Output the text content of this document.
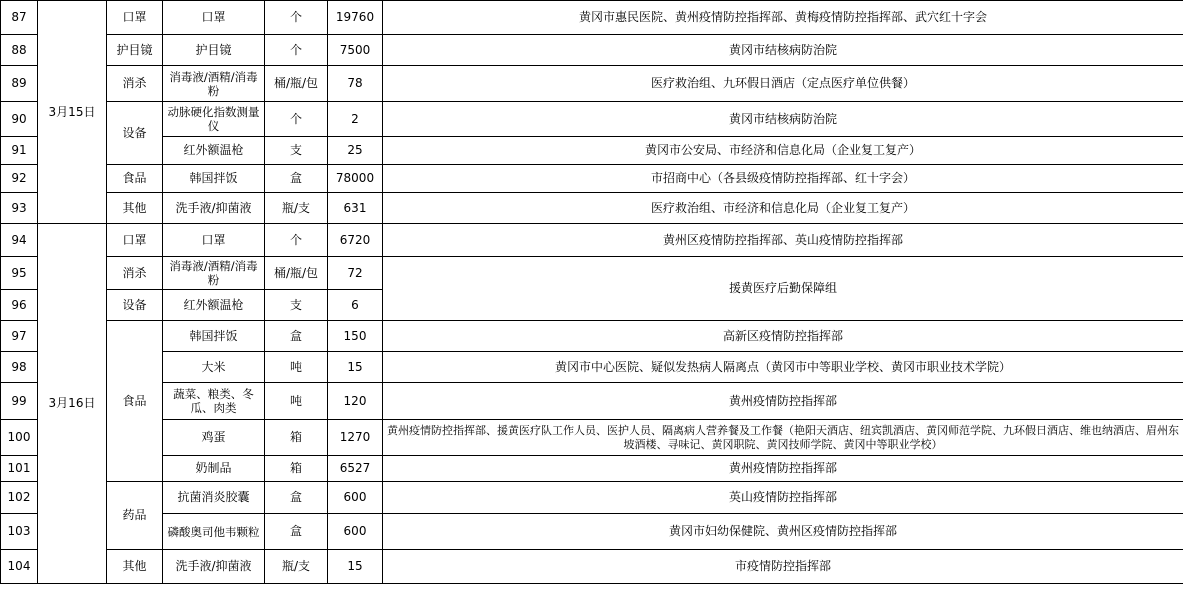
87	3月15日	口罩	口罩	个	19760	黄冈市惠民医院、黄州疫情防控指挥部、黄梅疫情防控指挥部、武穴红十字会
88		护目镜	护目镜	个	7500	黄冈市结核病防治院
89		消杀	消毒液/酒精/消毒粉	桶/瓶/包	78	医疗救治组、九环假日酒店（定点医疗单位供餐）
90		设备	动脉硬化指数测量仪	个	2	黄冈市结核病防治院
91			红外额温枪	支	25	黄冈市公安局、市经济和信息化局（企业复工复产）
92		食品	韩国拌饭	盒	78000	市招商中心（各县级疫情防控指挥部、红十字会）
93		其他	洗手液/抑菌液	瓶/支	631	医疗救治组、市经济和信息化局（企业复工复产）
94	3月16日	口罩	口罩	个	6720	黄州区疫情防控指挥部、英山疫情防控指挥部
95		消杀	消毒液/酒精/消毒粉	桶/瓶/包	72	援黄医疗后勤保障组
96		设备	红外额温枪	支	6	
97		食品	韩国拌饭	盒	150	高新区疫情防控指挥部
98			大米	吨	15	黄冈市中心医院、疑似发热病人隔离点（黄冈市中等职业学校、黄冈市职业技术学院）
99			蔬菜、粮类、冬瓜、肉类	吨	120	黄州疫情防控指挥部
100			鸡蛋	箱	1270	黄州疫情防控指挥部、援黄医疗队工作人员、医护人员、隔离病人营养餐及工作餐（艳阳天酒店、纽宾凯酒店、黄冈师范学院、九环假日酒店、维也纳酒店、眉州东坡酒楼、寻味记、黄冈职院、黄冈技师学院、黄冈中等职业学校）
101			奶制品	箱	6527	黄州疫情防控指挥部
102		药品	抗菌消炎胶囊	盒	600	英山疫情防控指挥部
103			磷酸奥司他韦颗粒	盒	600	黄冈市妇幼保健院、黄州区疫情防控指挥部
104		其他	洗手液/抑菌液	瓶/支	15	市疫情防控指挥部
